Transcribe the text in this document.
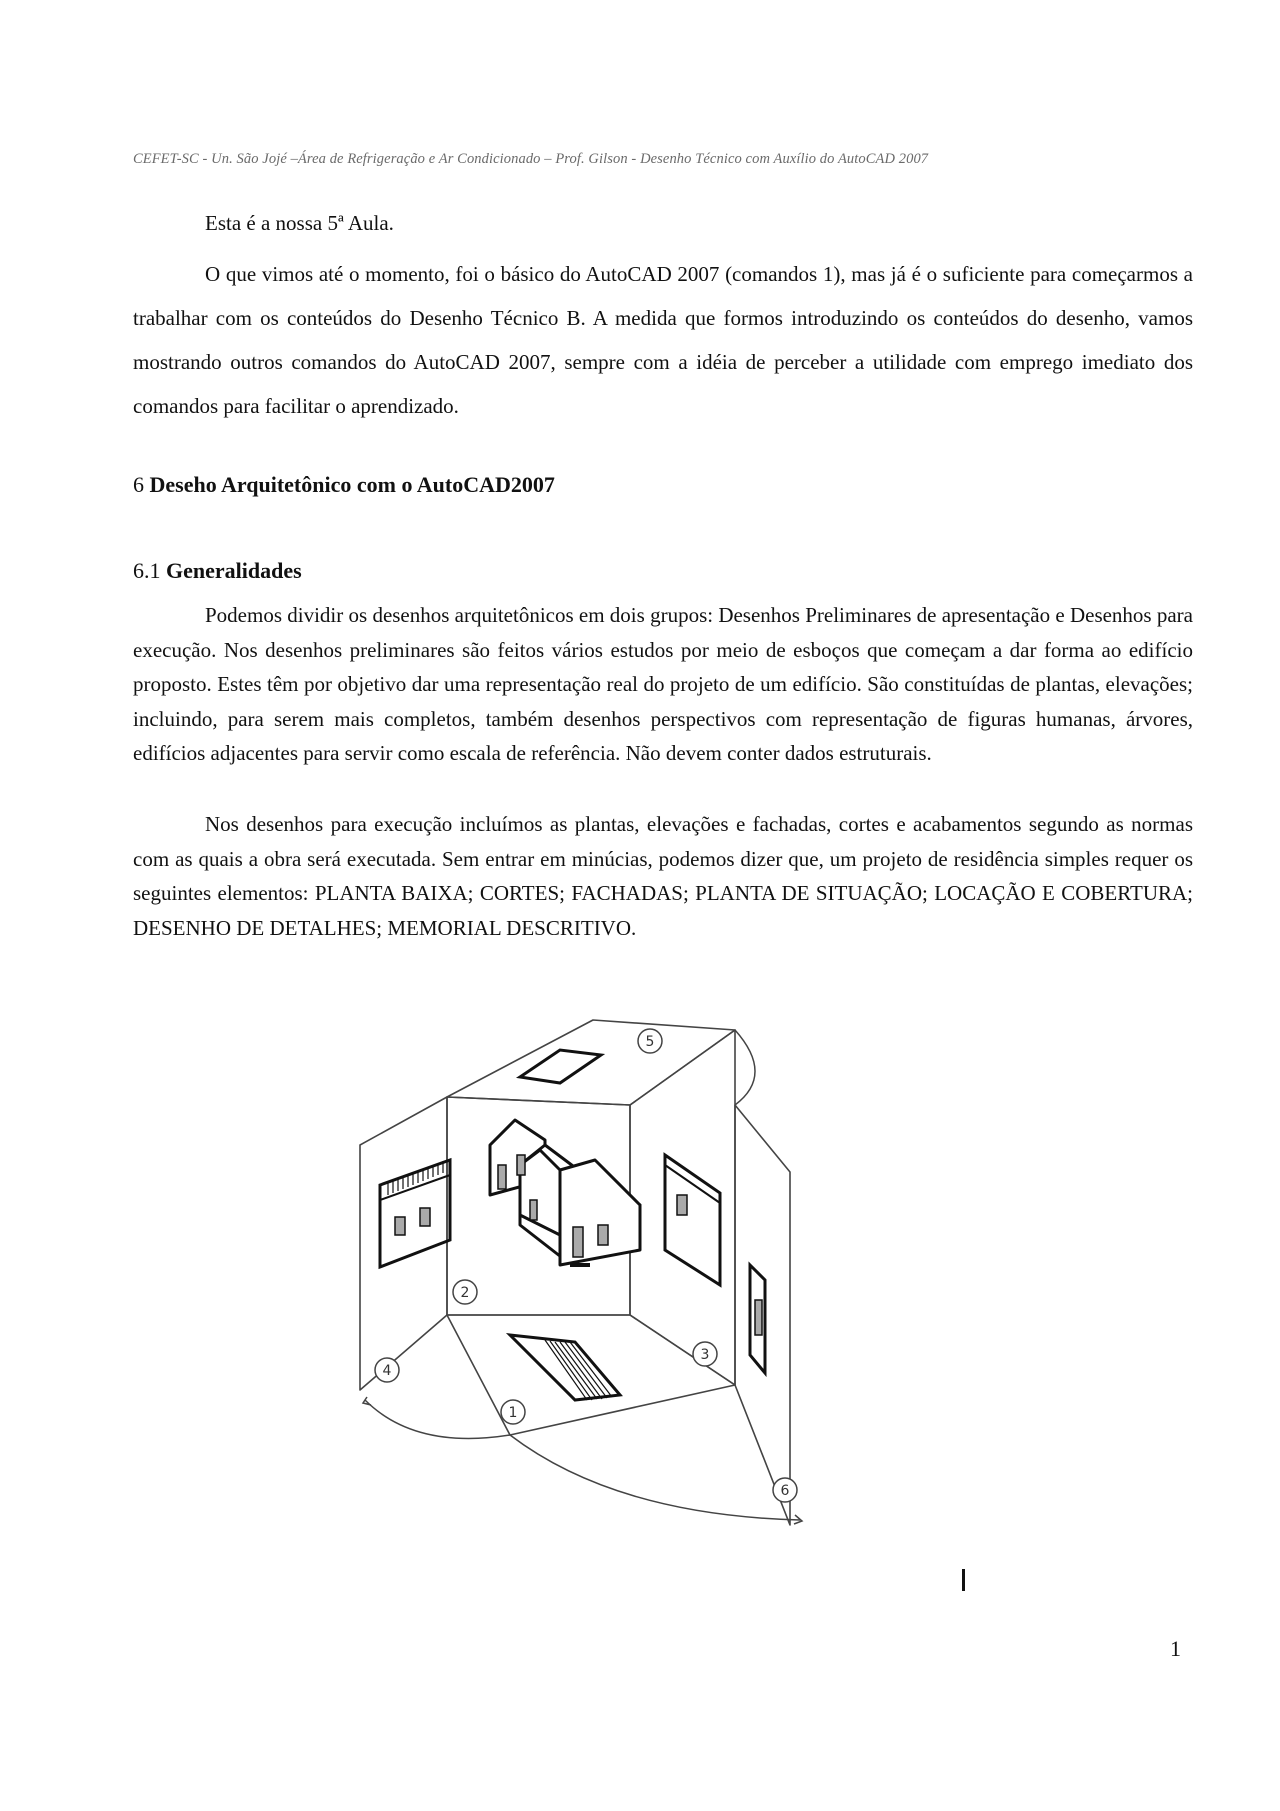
CEFET-SC - Un. São Jojé –Área de Refrigeração e Ar Condicionado – Prof. Gilson - Desenho Técnico com Auxílio do AutoCAD 2007

Esta é a nossa 5ª Aula.

O que vimos até o momento, foi o básico do AutoCAD 2007 (comandos 1), mas já é o suficiente para começarmos a trabalhar com os conteúdos do Desenho Técnico B. A medida que formos introduzindo os conteúdos do desenho, vamos mostrando outros comandos do AutoCAD 2007, sempre com a idéia de perceber a utilidade com emprego imediato dos comandos para facilitar o aprendizado.

6 Deseho Arquitetônico com o AutoCAD2007
6.1 Generalidades

Podemos dividir os desenhos arquitetônicos em dois grupos: Desenhos Preliminares de apresentação e Desenhos para execução. Nos desenhos preliminares são feitos vários estudos por meio de esboços que começam a dar forma ao edifício proposto. Estes têm por objetivo dar uma representação real do projeto de um edifício. São constituídas de plantas, elevações; incluindo, para serem mais completos, também desenhos perspectivos com representação de figuras humanas, árvores, edifícios adjacentes para servir como escala de referência. Não devem conter dados estruturais.

Nos desenhos para execução incluímos as plantas, elevações e fachadas, cortes e acabamentos segundo as normas com as quais a obra será executada. Sem entrar em minúcias, podemos dizer que, um projeto de residência simples requer os seguintes elementos: PLANTA BAIXA; CORTES; FACHADAS; PLANTA DE SITUAÇÃO; LOCAÇÃO E COBERTURA; DESENHO DE DETALHES; MEMORIAL DESCRITIVO.

1
2
3
4
5
6
1
